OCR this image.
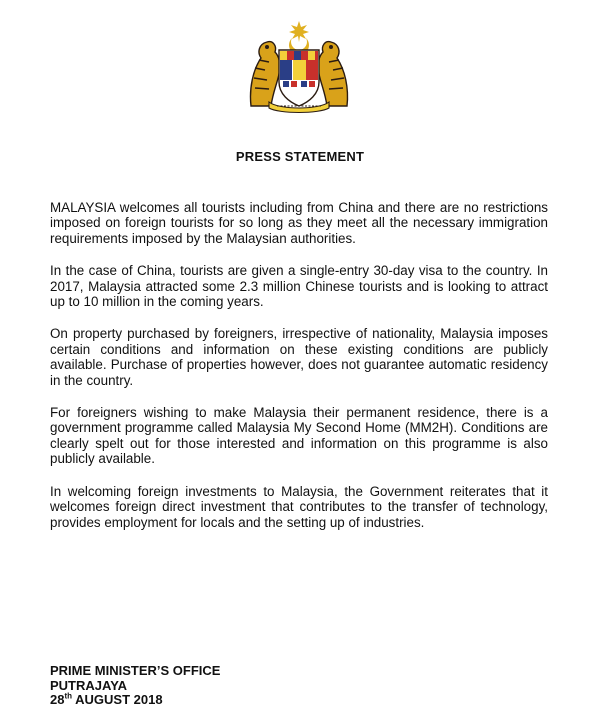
PRESS STATEMENT

MALAYSIA welcomes all tourists including from China and there are no restrictions imposed on foreign tourists for so long as they meet all the necessary immigration requirements imposed by the Malaysian authorities.

In the case of China, tourists are given a single-entry 30-day visa to the country. In 2017, Malaysia attracted some 2.3 million Chinese tourists and is looking to attract up to 10 million in the coming years.

On property purchased by foreigners, irrespective of nationality, Malaysia imposes certain conditions and information on these existing conditions are publicly available. Purchase of properties however, does not guarantee automatic residency in the country.

For foreigners wishing to make Malaysia their permanent residence, there is a government programme called Malaysia My Second Home (MM2H). Conditions are clearly spelt out for those interested and information on this programme is also publicly available.

In welcoming foreign investments to Malaysia, the Government reiterates that it welcomes foreign direct investment that contributes to the transfer of technology, provides employment for locals and the setting up of industries.

PRIME MINISTER’S OFFICE
PUTRAJAYA
28th AUGUST 2018
